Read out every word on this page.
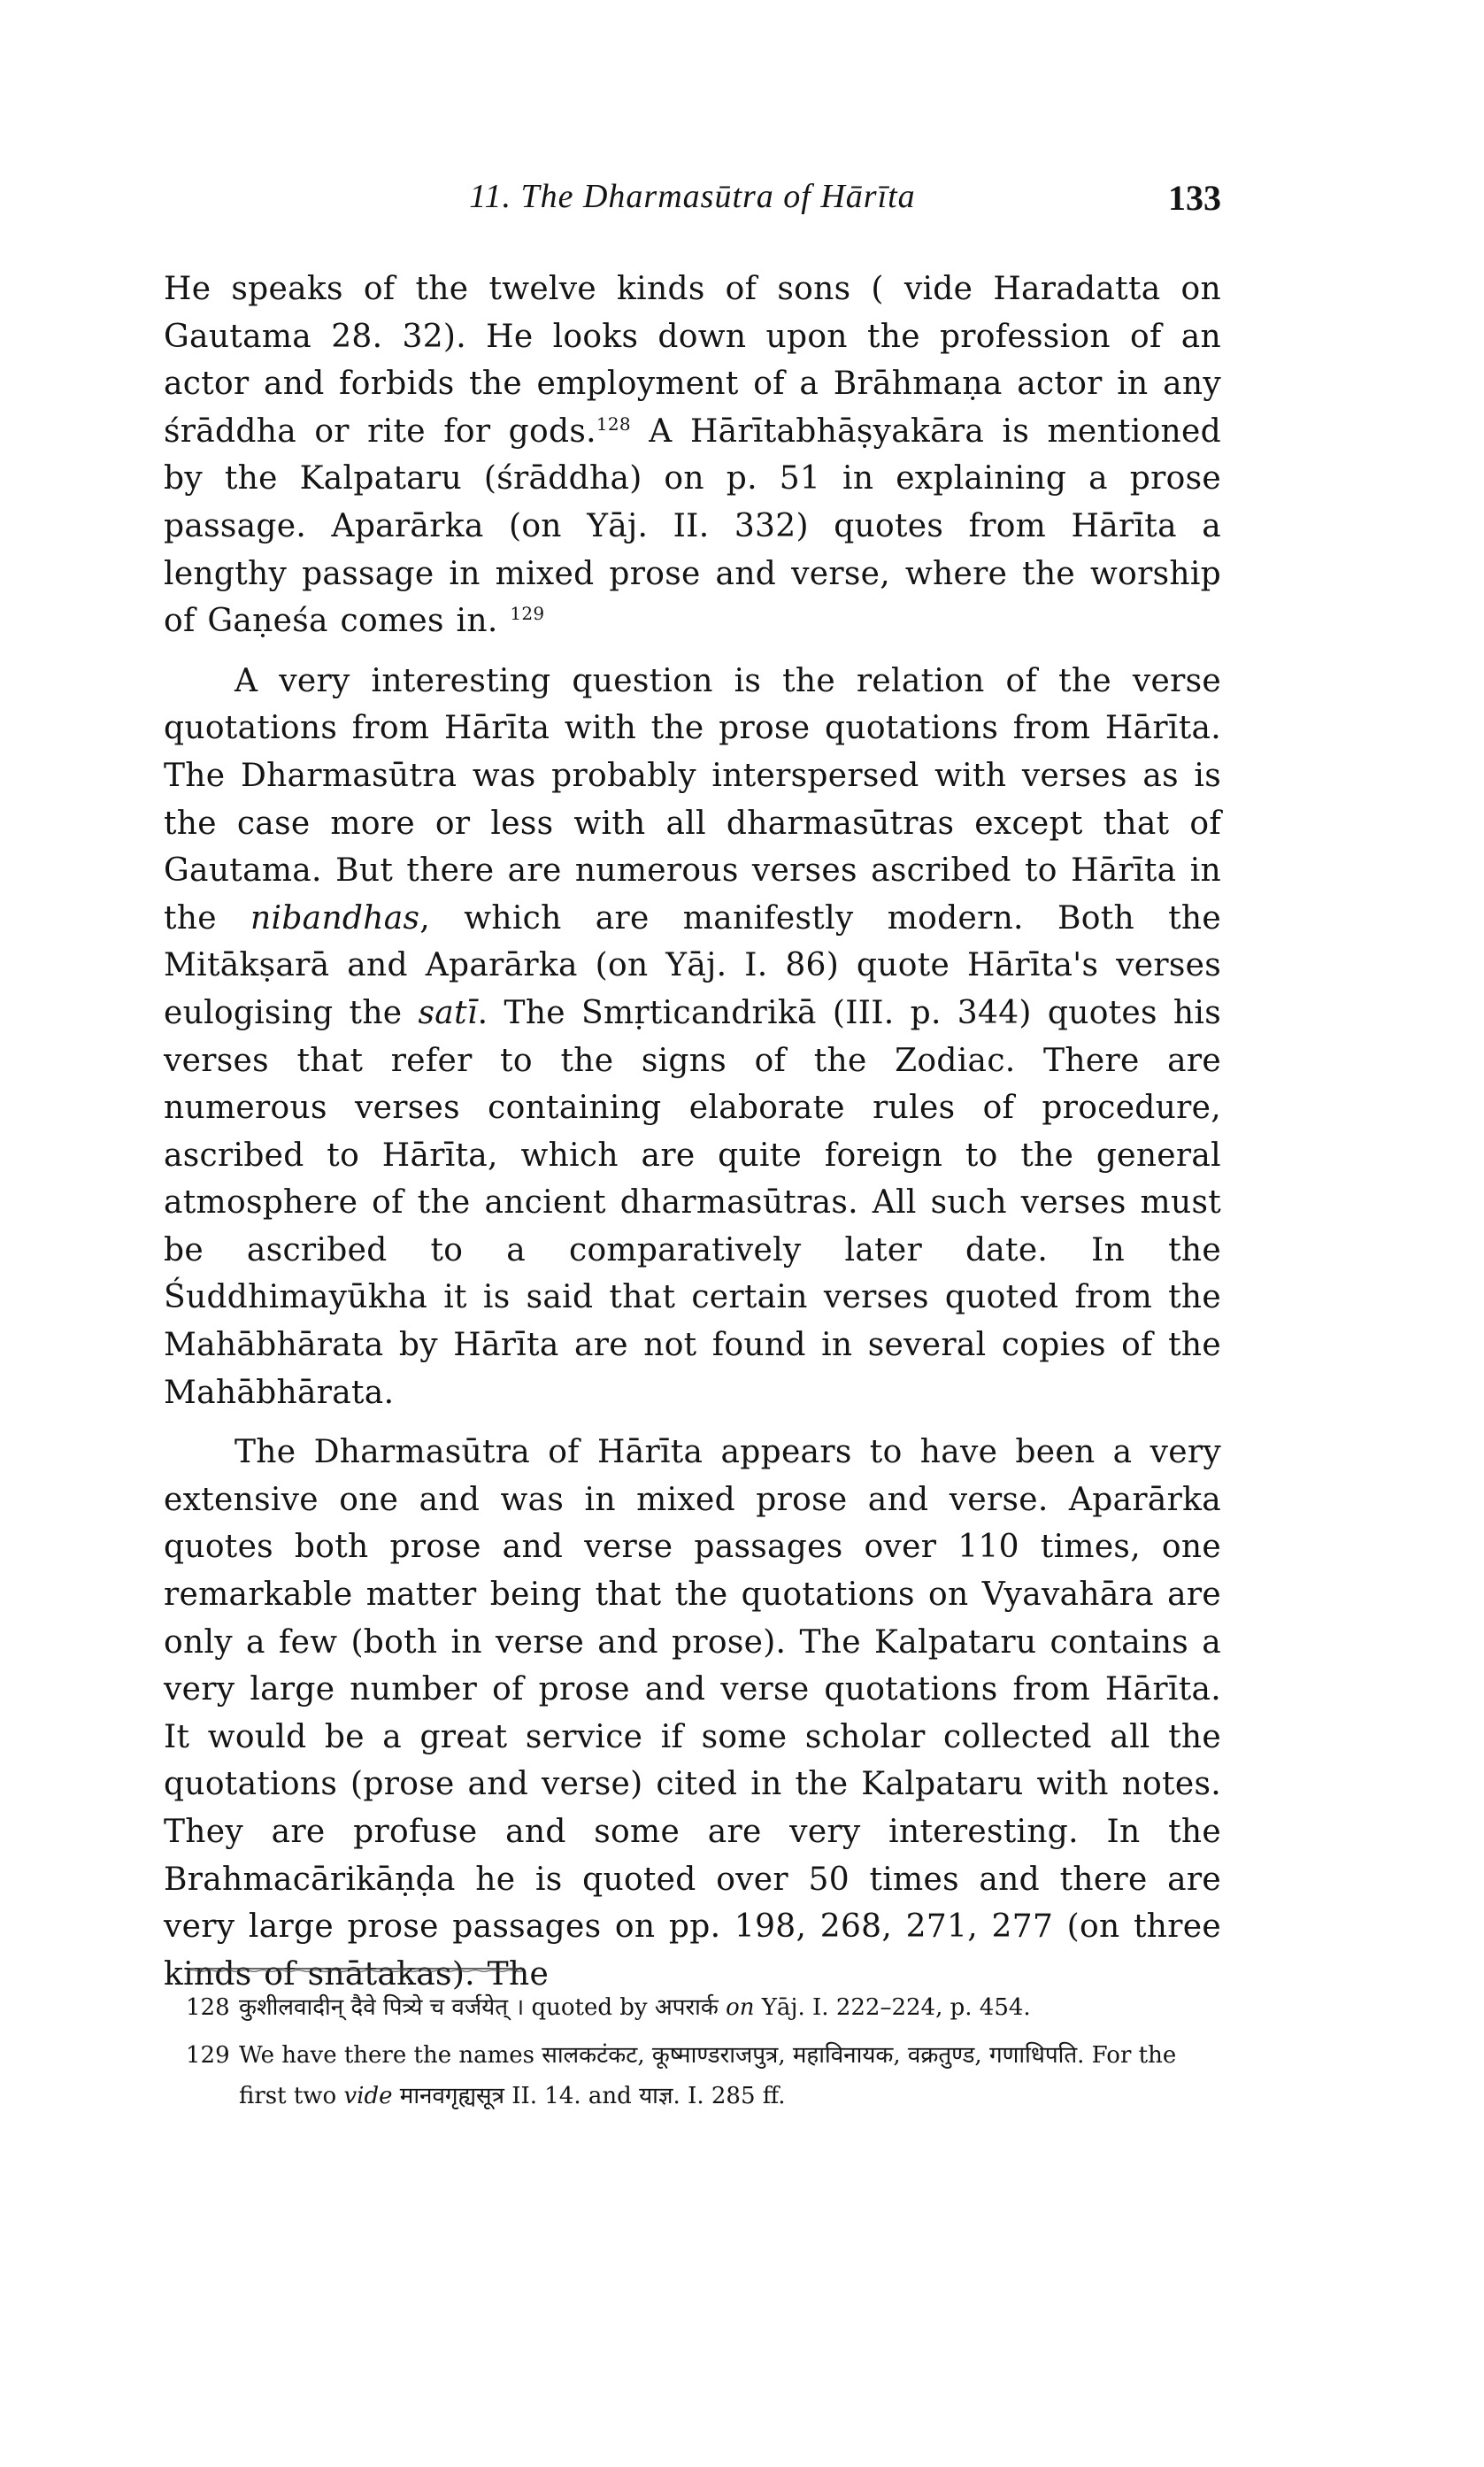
11. The Dharmasūtra of Hārīta	133

He speaks of the twelve kinds of sons ( vide Haradatta on Gautama 28. 32). He looks down upon the profession of an actor and forbids the employment of a Brāhmaṇa actor in any śrāddha or rite for gods.$^{128}$ A Hārītabhāṣyakāra is mentioned by the Kalpataru (śrāddha) on p. 51 in explaining a prose passage. Aparārka (on Yāj. II. 332) quotes from Hārīta a lengthy passage in mixed prose and verse, where the worship of Gaṇeśa comes in. $^{129}$

A very interesting question is the relation of the verse quotations from Hārīta with the prose quotations from Hārīta. The Dharmasūtra was probably interspersed with verses as is the case more or less with all dharmasūtras except that of Gautama. But there are numerous verses ascribed to Hārīta in the nibandhas, which are manifestly modern. Both the Mitākṣarā and Aparārka (on Yāj. I. 86) quote Hārīta's verses eulogising the satī. The Smṛticandrikā (III. p. 344) quotes his verses that refer to the signs of the Zodiac. There are numerous verses containing elaborate rules of procedure, ascribed to Hārīta, which are quite foreign to the general atmosphere of the ancient dharmasūtras. All such verses must be ascribed to a comparatively later date. In the Śuddhimayūkha it is said that certain verses quoted from the Mahābhārata by Hārīta are not found in several copies of the Mahābhārata.

The Dharmasūtra of Hārīta appears to have been a very extensive one and was in mixed prose and verse. Aparārka quotes both prose and verse passages over 110 times, one remarkable matter being that the quotations on Vyavahāra are only a few (both in verse and prose). The Kalpataru contains a very large number of prose and verse quotations from Hārīta. It would be a great service if some scholar collected all the quotations (prose and verse) cited in the Kalpataru with notes. They are profuse and some are very interesting. In the Brahmacārikāṇḍa he is quoted over 50 times and there are very large prose passages on pp. 198, 268, 271, 277 (on three kinds of snātakas). The

128 कुशीलवादीन् दैवे पित्र्ये च वर्जयेत् । quoted by अपरार्क on Yāj. I. 222–224, p. 454.
129 We have there the names सालकटंकट, कूष्माण्डराजपुत्र, महाविनायक, वक्रतुण्ड, गणाधिपति. For the first two vide मानवगृह्यसूत्र II. 14. and याज्ञ. I. 285 ff.
